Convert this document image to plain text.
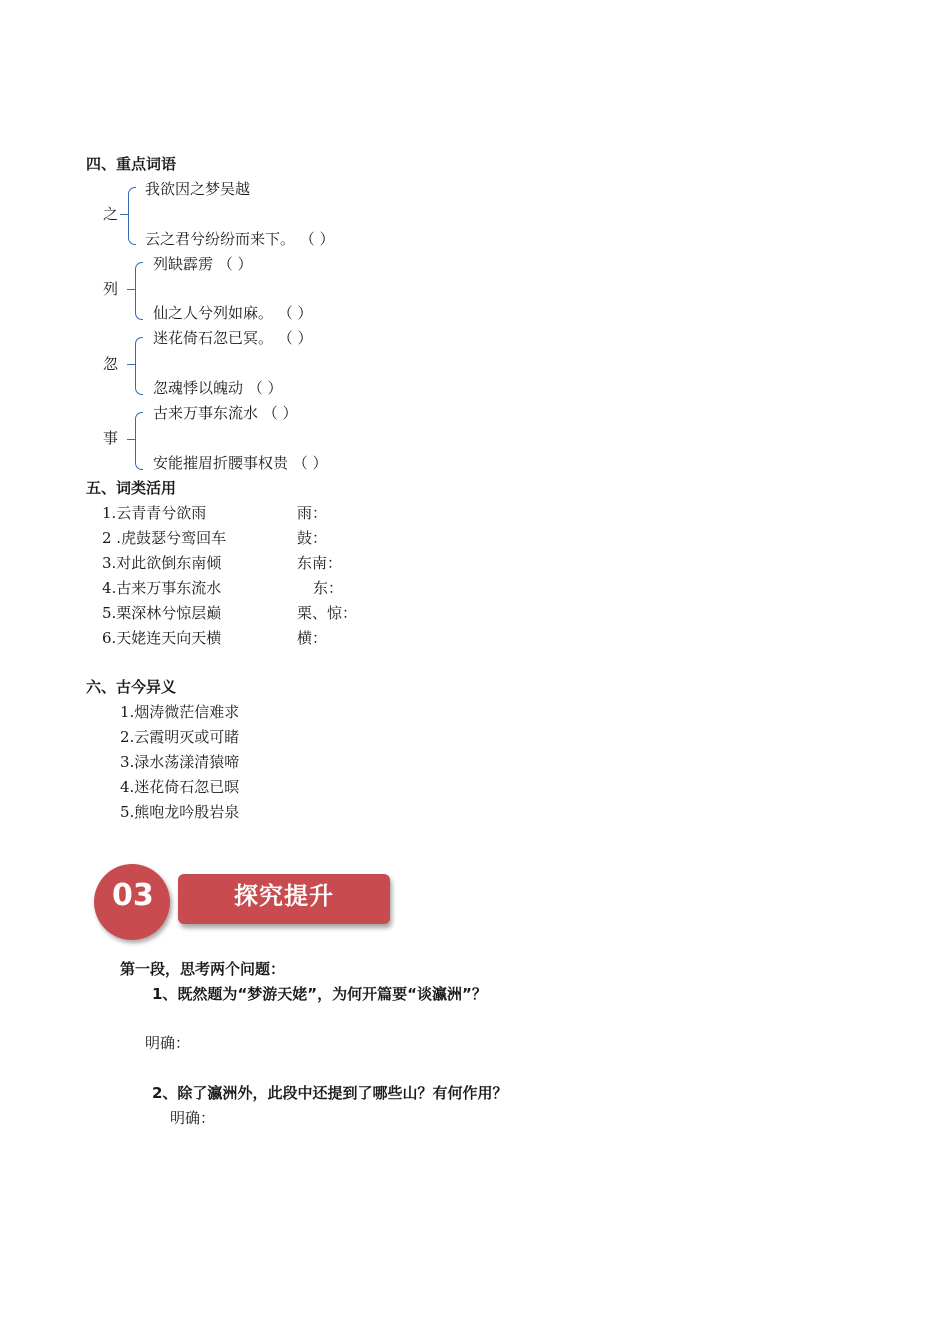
四、重点词语
之
我欲因之梦吴越
云之君兮纷纷而来下。 （ ）
列
列缺霹雳 （ ）
仙之人兮列如麻。 （ ）
忽
迷花倚石忽已冥。 （ ）
忽魂悸以魄动 （ ）
事
古来万事东流水 （ ）
安能摧眉折腰事权贵 （ ）
五、词类活用
1.云青青兮欲雨	雨：
2 .虎鼓瑟兮鸾回车	鼓：
3.对此欲倒东南倾	东南：
4.古来万事东流水	东：
5.栗深林兮惊层巅	栗、惊：
6.天姥连天向天横	横：
六、古今异义
1.烟涛微茫信难求
2.云霞明灭或可睹
3.渌水荡漾清猿啼
4.迷花倚石忽已暝
5.熊咆龙吟殷岩泉
03	探究提升
第一段，思考两个问题：
1、既然题为“梦游天姥”，为何开篇要“谈瀛洲”？
明确：
2、除了瀛洲外，此段中还提到了哪些山？有何作用？
明确：
